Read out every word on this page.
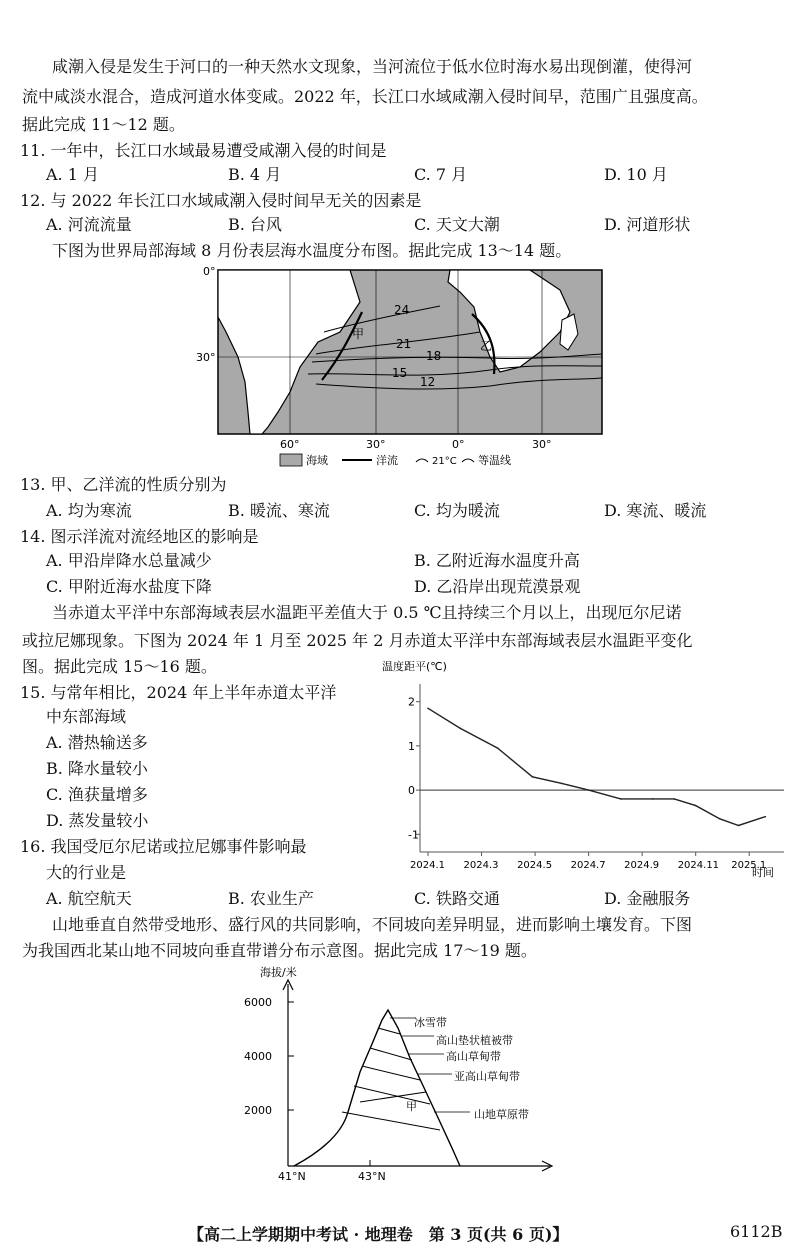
咸潮入侵是发生于河口的一种天然水文现象，当河流位于低水位时海水易出现倒灌，使得河
流中咸淡水混合，造成河道水体变咸。2022 年，长江口水域咸潮入侵时间早，范围广且强度高。
据此完成 11～12 题。
11. 一年中，长江口水域最易遭受咸潮入侵的时间是
A. 1 月	B. 4 月	C. 7 月	D. 10 月
12. 与 2022 年长江口水域咸潮入侵时间早无关的因素是
A. 河流流量	B. 台风	C. 天文大潮	D. 河道形状
下图为世界局部海域 8 月份表层海水温度分布图。据此完成 13～14 题。
0°
30°
60°	30°	0°	30°
24
21
18
15
12
甲
乙
海域	洋流	21°C 等温线
13. 甲、乙洋流的性质分别为
A. 均为寒流	B. 暖流、寒流	C. 均为暖流	D. 寒流、暖流
14. 图示洋流对流经地区的影响是
A. 甲沿岸降水总量减少	B. 乙附近海水温度升高
C. 甲附近海水盐度下降	D. 乙沿岸出现荒漠景观
当赤道太平洋中东部海域表层水温距平差值大于 0.5 ℃且持续三个月以上，出现厄尔尼诺
或拉尼娜现象。下图为 2024 年 1 月至 2025 年 2 月赤道太平洋中东部海域表层水温距平变化
图。据此完成 15～16 题。
15. 与常年相比，2024 年上半年赤道太平洋
中东部海域
A. 潜热输送多
B. 降水量较小
C. 渔获量增多
D. 蒸发量较小
16. 我国受厄尔尼诺或拉尼娜事件影响最
大的行业是
A. 航空航天	B. 农业生产	C. 铁路交通	D. 金融服务
温度距平(℃)
2
1
0
-1
2024.1 2024.3 2024.5 2024.7 2024.9 2024.11 2025.1
时间
山地垂直自然带受地形、盛行风的共同影响，不同坡向差异明显，进而影响土壤发育。下图
为我国西北某山地不同坡向垂直带谱分布示意图。据此完成 17～19 题。
海拔/米
6000
4000
2000
41°N	43°N
冰雪带
高山垫状植被带
高山草甸带
亚高山草甸带
山地草原带
甲
【高二上学期期中考试 · 地理卷　第 3 页(共 6 页)】	6112B
